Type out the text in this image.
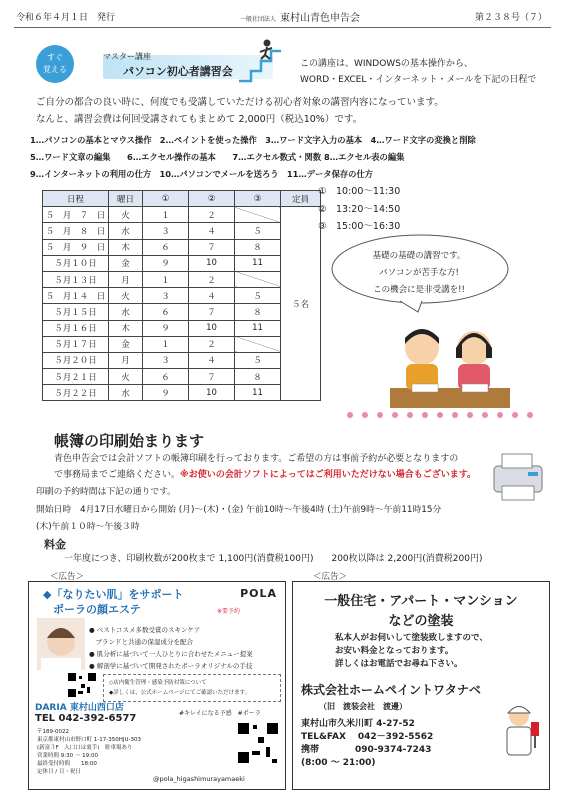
令和６年４月１日　発行	一般社団法人 東村山青色申告会	第２３８号（７）
すぐ
覚える
マスター講座
パソコン初心者講習会
この講座は、WINDOWSの基本操作から、
WORD・EXCEL・インターネット・メールを下記の日程で
ご自分の都合の良い時に、何度でも受講していただける初心者対象の講習内容になっています。
なんと、講習会費は何回受講されてもまとめて 2,000円（税込10%）です。
1…パソコンの基本とマウス操作　2…ペイントを使った操作　3…ワード文字入力の基本　4…ワード文字の変換と削除
5…ワード文章の編集　　6…エクセル操作の基本　　7…エクセル数式・関数 8…エクセル表の編集
9…インターネットの利用の仕方　10…パソコンでメールを送ろう　11…データ保存の仕方
日程	曜日	①	②	③	定員
５　月　７　日	火	１	２		５名
５　月　８　日	水	３	４	５	
５　月　９　日	木	６	７	８	
５月１０日	金	９	10	11	
５月１３日	月	１	２		
５　月１４　日	火	３	４	５	
５月１５日	水	６	７	８	
５月１６日	木	９	10	11	
５月１７日	金	１	２		
５月２０日	月	３	４	５	
５月２１日	火	６	７	８	
５月２２日	水	９	10	11	
①　10:00～11:30
②　13:20～14:50
③　15:00～16:30
基礎の基礎の講習です。
パソコンが苦手な方!
この機会に是非受講を!!
帳簿の印刷始まります
青色申告会では会計ソフトの帳簿印刷を行っております。ご希望の方は事前予約が必要となりますの
で事務局までご連絡ください。※お使いの会計ソフトによってはご利用いただけない場合もございます。
印刷の予約時間は下記の通りです。
開始日時　4月17日水曜日から開始 (月)～(木)・(金) 午前10時～午後4時 (土)午前9時～午前11時15分
(木)午前１０時～午後３時
料金
一年度につき、印刷枚数が200枚まで 1,100円(消費税100円)　　200枚以降は 2,200円(消費税200円)
＜広告＞	＜広告＞
◆「なりたい肌」をサポート
ポーラの顔エステ	※要予約
POLA
● ベストコスメ多数受賞のスキンケア
　ブランドと共通の保湿成分を配合
● 肌分析に基づいて一人ひとりに合わせたメニュー提案
● 解剖学に基づいて開発されたポーラオリジナルの手技
◇店内衛生管理・感染予防対策について
◆詳しくは、公式ホームページにてご確認いただけます。
DARIA 東村山西口店
#キレイになる予感　#ポーラ
TEL 042-392-6577
〒189-0022
東京都東村山市野口町 1-17-350HJU-303
(新富３F　入口口は裏手)　駐車場あり
営業時間 9:30 ～ 19:00
最終受付時間　　18:00
定休日 / 日・祝日
@pola_higashimurayamaeki
一般住宅・アパート・マンション
などの塗装
私本人がお伺いして塗装致しますので、
お安い料金となっております。
詳しくはお電話でお尋ね下さい。
株式会社ホームペイントワタナベ
（旧　渡装会社　渡邊）
東村山市久米川町 4-27-52
TEL&FAX 042－392-5562
携帯	090-9374-7243
(8:00 ～ 21:00)
